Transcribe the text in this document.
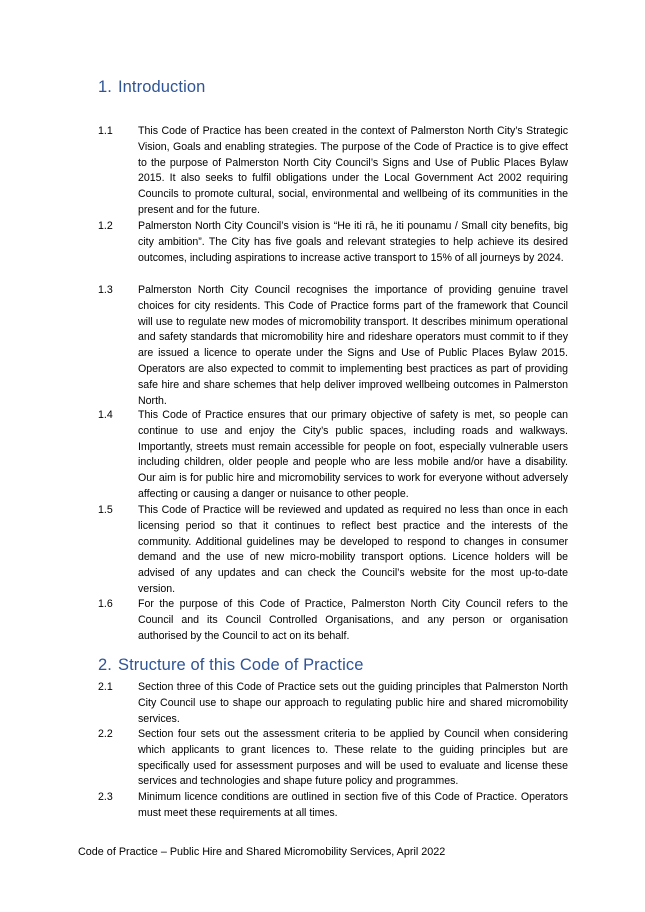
1. Introduction
1.1	This Code of Practice has been created in the context of Palmerston North City’s Strategic Vision, Goals and enabling strategies. The purpose of the Code of Practice is to give effect to the purpose of Palmerston North City Council’s Signs and Use of Public Places Bylaw 2015. It also seeks to fulfil obligations under the Local Government Act 2002 requiring Councils to promote cultural, social, environmental and wellbeing of its communities in the present and for the future.
1.2	Palmerston North City Council’s vision is “He iti rā, he iti pounamu / Small city benefits, big city ambition”. The City has five goals and relevant strategies to help achieve its desired outcomes, including aspirations to increase active transport to 15% of all journeys by 2024.
1.3	Palmerston North City Council recognises the importance of providing genuine travel choices for city residents. This Code of Practice forms part of the framework that Council will use to regulate new modes of micromobility transport. It describes minimum operational and safety standards that micromobility hire and rideshare operators must commit to if they are issued a licence to operate under the Signs and Use of Public Places Bylaw 2015. Operators are also expected to commit to implementing best practices as part of providing safe hire and share schemes that help deliver improved wellbeing outcomes in Palmerston North.
1.4	This Code of Practice ensures that our primary objective of safety is met, so people can continue to use and enjoy the City’s public spaces, including roads and walkways. Importantly, streets must remain accessible for people on foot, especially vulnerable users including children, older people and people who are less mobile and/or have a disability. Our aim is for public hire and micromobility services to work for everyone without adversely affecting or causing a danger or nuisance to other people.
1.5	This Code of Practice will be reviewed and updated as required no less than once in each licensing period so that it continues to reflect best practice and the interests of the community. Additional guidelines may be developed to respond to changes in consumer demand and the use of new micro-mobility transport options. Licence holders will be advised of any updates and can check the Council’s website for the most up-to-date version.
1.6	For the purpose of this Code of Practice, Palmerston North City Council refers to the Council and its Council Controlled Organisations, and any person or organisation authorised by the Council to act on its behalf.
2. Structure of this Code of Practice
2.1	Section three of this Code of Practice sets out the guiding principles that Palmerston North City Council use to shape our approach to regulating public hire and shared micromobility services.
2.2	Section four sets out the assessment criteria to be applied by Council when considering which applicants to grant licences to. These relate to the guiding principles but are specifically used for assessment purposes and will be used to evaluate and license these services and technologies and shape future policy and programmes.
2.3	Minimum licence conditions are outlined in section five of this Code of Practice. Operators must meet these requirements at all times.
Code of Practice – Public Hire and Shared Micromobility Services, April 2022
